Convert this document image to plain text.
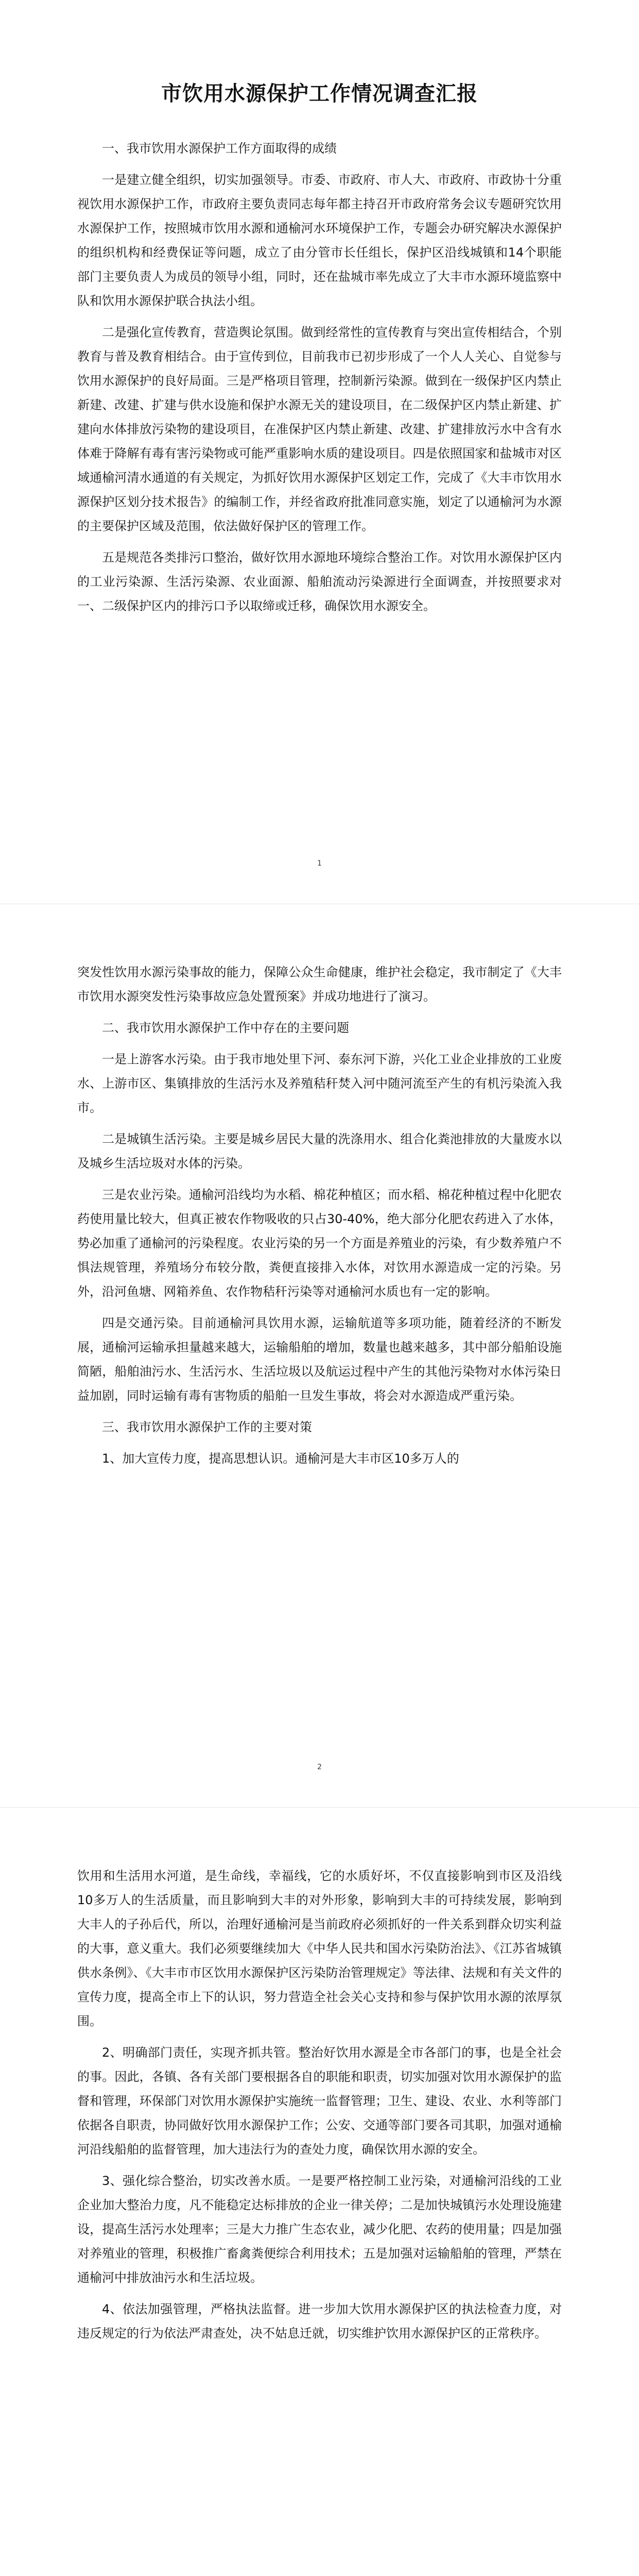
市饮用水源保护工作情况调查汇报

一、我市饮用水源保护工作方面取得的成绩

一是建立健全组织，切实加强领导。市委、市政府、市人大、市政府、市政协十分重视饮用水源保护工作，市政府主要负责同志每年都主持召开市政府常务会议专题研究饮用水源保护工作，按照城市饮用水源和通榆河水环境保护工作，专题会办研究解决水源保护的组织机构和经费保证等问题，成立了由分管市长任组长，保护区沿线城镇和14个职能部门主要负责人为成员的领导小组，同时，还在盐城市率先成立了大丰市水源环境监察中队和饮用水源保护联合执法小组。

二是强化宣传教育，营造舆论氛围。做到经常性的宣传教育与突出宣传相结合，个别教育与普及教育相结合。由于宣传到位，目前我市已初步形成了一个人人关心、自觉参与饮用水源保护的良好局面。三是严格项目管理，控制新污染源。做到在一级保护区内禁止新建、改建、扩建与供水设施和保护水源无关的建设项目，在二级保护区内禁止新建、扩建向水体排放污染物的建设项目，在准保护区内禁止新建、改建、扩建排放污水中含有水体难于降解有毒有害污染物或可能严重影响水质的建设项目。四是依照国家和盐城市对区域通榆河清水通道的有关规定，为抓好饮用水源保护区划定工作，完成了《大丰市饮用水源保护区划分技术报告》的编制工作，并经省政府批准同意实施，划定了以通榆河为水源的主要保护区域及范围，依法做好保护区的管理工作。

五是规范各类排污口整治，做好饮用水源地环境综合整治工作。对饮用水源保护区内的工业污染源、生活污染源、农业面源、船舶流动污染源进行全面调查，并按照要求对一、二级保护区内的排污口予以取缔或迁移，确保饮用水源安全。

1

突发性饮用水源污染事故的能力，保障公众生命健康，维护社会稳定，我市制定了《大丰市饮用水源突发性污染事故应急处置预案》并成功地进行了演习。

二、我市饮用水源保护工作中存在的主要问题

一是上游客水污染。由于我市地处里下河、泰东河下游，兴化工业企业排放的工业废水、上游市区、集镇排放的生活污水及养殖秸秆焚入河中随河流至产生的有机污染流入我市。

二是城镇生活污染。主要是城乡居民大量的洗涤用水、组合化粪池排放的大量废水以及城乡生活垃圾对水体的污染。

三是农业污染。通榆河沿线均为水稻、棉花种植区；而水稻、棉花种植过程中化肥农药使用量比较大，但真正被农作物吸收的只占30-40%，绝大部分化肥农药进入了水体，势必加重了通榆河的污染程度。农业污染的另一个方面是养殖业的污染，有少数养殖户不惧法规管理，养殖场分布较分散，粪便直接排入水体，对饮用水源造成一定的污染。另外，沿河鱼塘、网箱养鱼、农作物秸秆污染等对通榆河水质也有一定的影响。

四是交通污染。目前通榆河具饮用水源，运输航道等多项功能，随着经济的不断发展，通榆河运输承担量越来越大，运输船舶的增加，数量也越来越多，其中部分船舶设施简陋，船舶油污水、生活污水、生活垃圾以及航运过程中产生的其他污染物对水体污染日益加剧，同时运输有毒有害物质的船舶一旦发生事故，将会对水源造成严重污染。

三、我市饮用水源保护工作的主要对策

1、加大宣传力度，提高思想认识。通榆河是大丰市区10多万人的

2

饮用和生活用水河道，是生命线，幸福线，它的水质好坏，不仅直接影响到市区及沿线10多万人的生活质量，而且影响到大丰的对外形象，影响到大丰的可持续发展，影响到大丰人的子孙后代，所以，治理好通榆河是当前政府必须抓好的一件关系到群众切实利益的大事，意义重大。我们必须要继续加大《中华人民共和国水污染防治法》、《江苏省城镇供水条例》、《大丰市市区饮用水源保护区污染防治管理规定》等法律、法规和有关文件的宣传力度，提高全市上下的认识，努力营造全社会关心支持和参与保护饮用水源的浓厚氛围。

2、明确部门责任，实现齐抓共管。整治好饮用水源是全市各部门的事，也是全社会的事。因此，各镇、各有关部门要根据各自的职能和职责，切实加强对饮用水源保护的监督和管理，环保部门对饮用水源保护实施统一监督管理；卫生、建设、农业、水利等部门依据各自职责，协同做好饮用水源保护工作；公安、交通等部门要各司其职，加强对通榆河沿线船舶的监督管理，加大违法行为的查处力度，确保饮用水源的安全。

3、强化综合整治，切实改善水质。一是要严格控制工业污染，对通榆河沿线的工业企业加大整治力度，凡不能稳定达标排放的企业一律关停；二是加快城镇污水处理设施建设，提高生活污水处理率；三是大力推广生态农业，减少化肥、农药的使用量；四是加强对养殖业的管理，积极推广畜禽粪便综合利用技术；五是加强对运输船舶的管理，严禁在通榆河中排放油污水和生活垃圾。

4、依法加强管理，严格执法监督。进一步加大饮用水源保护区的执法检查力度，对违反规定的行为依法严肃查处，决不姑息迁就，切实维护饮用水源保护区的正常秩序。
